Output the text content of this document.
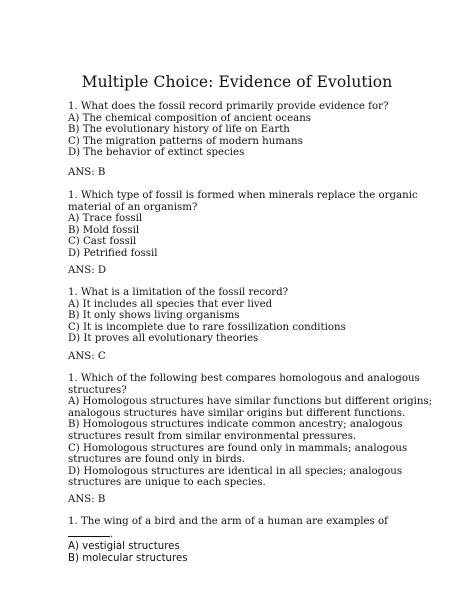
Multiple Choice: Evidence of Evolution
1. What does the fossil record primarily provide evidence for?
A) The chemical composition of ancient oceans
B) The evolutionary history of life on Earth
C) The migration patterns of modern humans
D) The behavior of extinct species
ANS: B
1. Which type of fossil is formed when minerals replace the organic
material of an organism?
A) Trace fossil
B) Mold fossil
C) Cast fossil
D) Petrified fossil
ANS: D
1. What is a limitation of the fossil record?
A) It includes all species that ever lived
B) It only shows living organisms
C) It is incomplete due to rare fossilization conditions
D) It proves all evolutionary theories
ANS: C
1. Which of the following best compares homologous and analogous
structures?
A) Homologous structures have similar functions but different origins;
analogous structures have similar origins but different functions.
B) Homologous structures indicate common ancestry; analogous
structures result from similar environmental pressures.
C) Homologous structures are found only in mammals; analogous
structures are found only in birds.
D) Homologous structures are identical in all species; analogous
structures are unique to each species.
ANS: B
1. The wing of a bird and the arm of a human are examples of
.
A) vestigial structures
B) molecular structures
